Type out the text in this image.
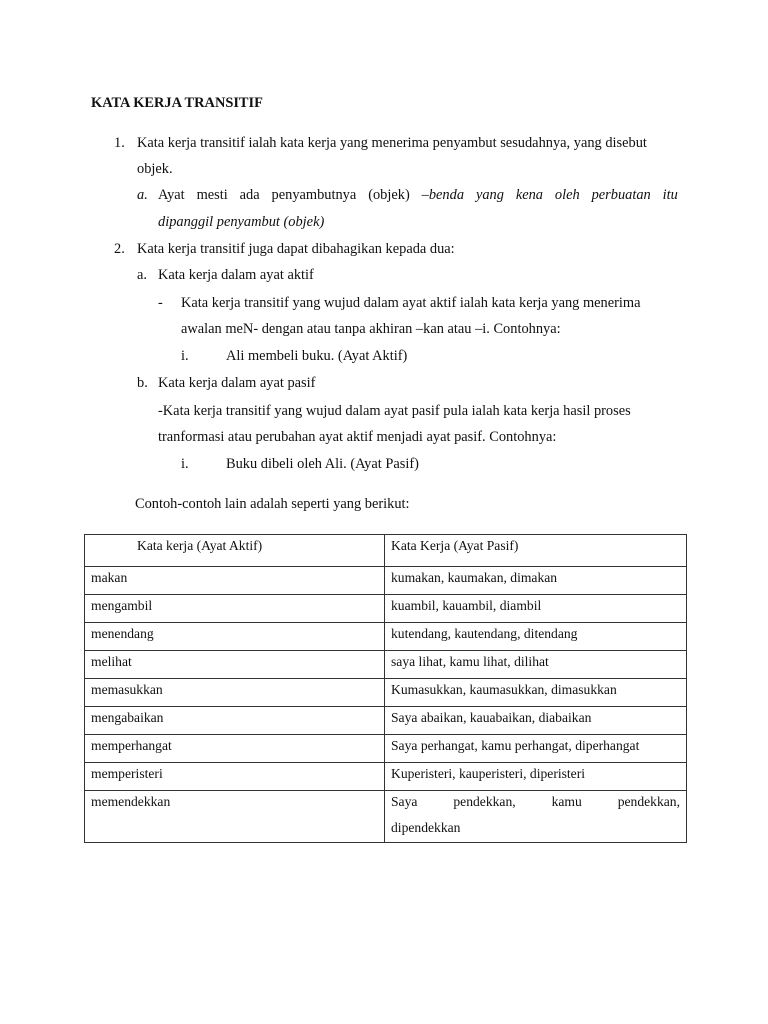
KATA KERJA TRANSITIF
1. Kata kerja transitif ialah kata kerja yang menerima penyambut sesudahnya, yang disebut
objek.
a. Ayat mesti ada penyambutnya (objek) –benda yang kena oleh perbuatan itu
dipanggil penyambut (objek)
2. Kata kerja transitif juga dapat dibahagikan kepada dua:
a. Kata kerja dalam ayat aktif
- Kata kerja transitif yang wujud dalam ayat aktif ialah kata kerja yang menerima
awalan meN- dengan atau tanpa akhiran –kan atau –i. Contohnya:
i.	Ali membeli buku. (Ayat Aktif)
b. Kata kerja dalam ayat pasif
-Kata kerja transitif yang wujud dalam ayat pasif pula ialah kata kerja hasil proses
tranformasi atau perubahan ayat aktif menjadi ayat pasif. Contohnya:
i.	Buku dibeli oleh Ali. (Ayat Pasif)
Contoh-contoh lain adalah seperti yang berikut:
Kata kerja (Ayat Aktif)	Kata Kerja (Ayat Pasif)
makan	kumakan, kaumakan, dimakan
mengambil	kuambil, kauambil, diambil
menendang	kutendang, kautendang, ditendang
melihat	saya lihat, kamu lihat, dilihat
memasukkan	Kumasukkan, kaumasukkan, dimasukkan
mengabaikan	Saya abaikan, kauabaikan, diabaikan
memperhangat	Saya perhangat, kamu perhangat, diperhangat
memperisteri	Kuperisteri, kauperisteri, diperisteri
memendekkan	Saya pendekkan, kamu pendekkan,
dipendekkan
